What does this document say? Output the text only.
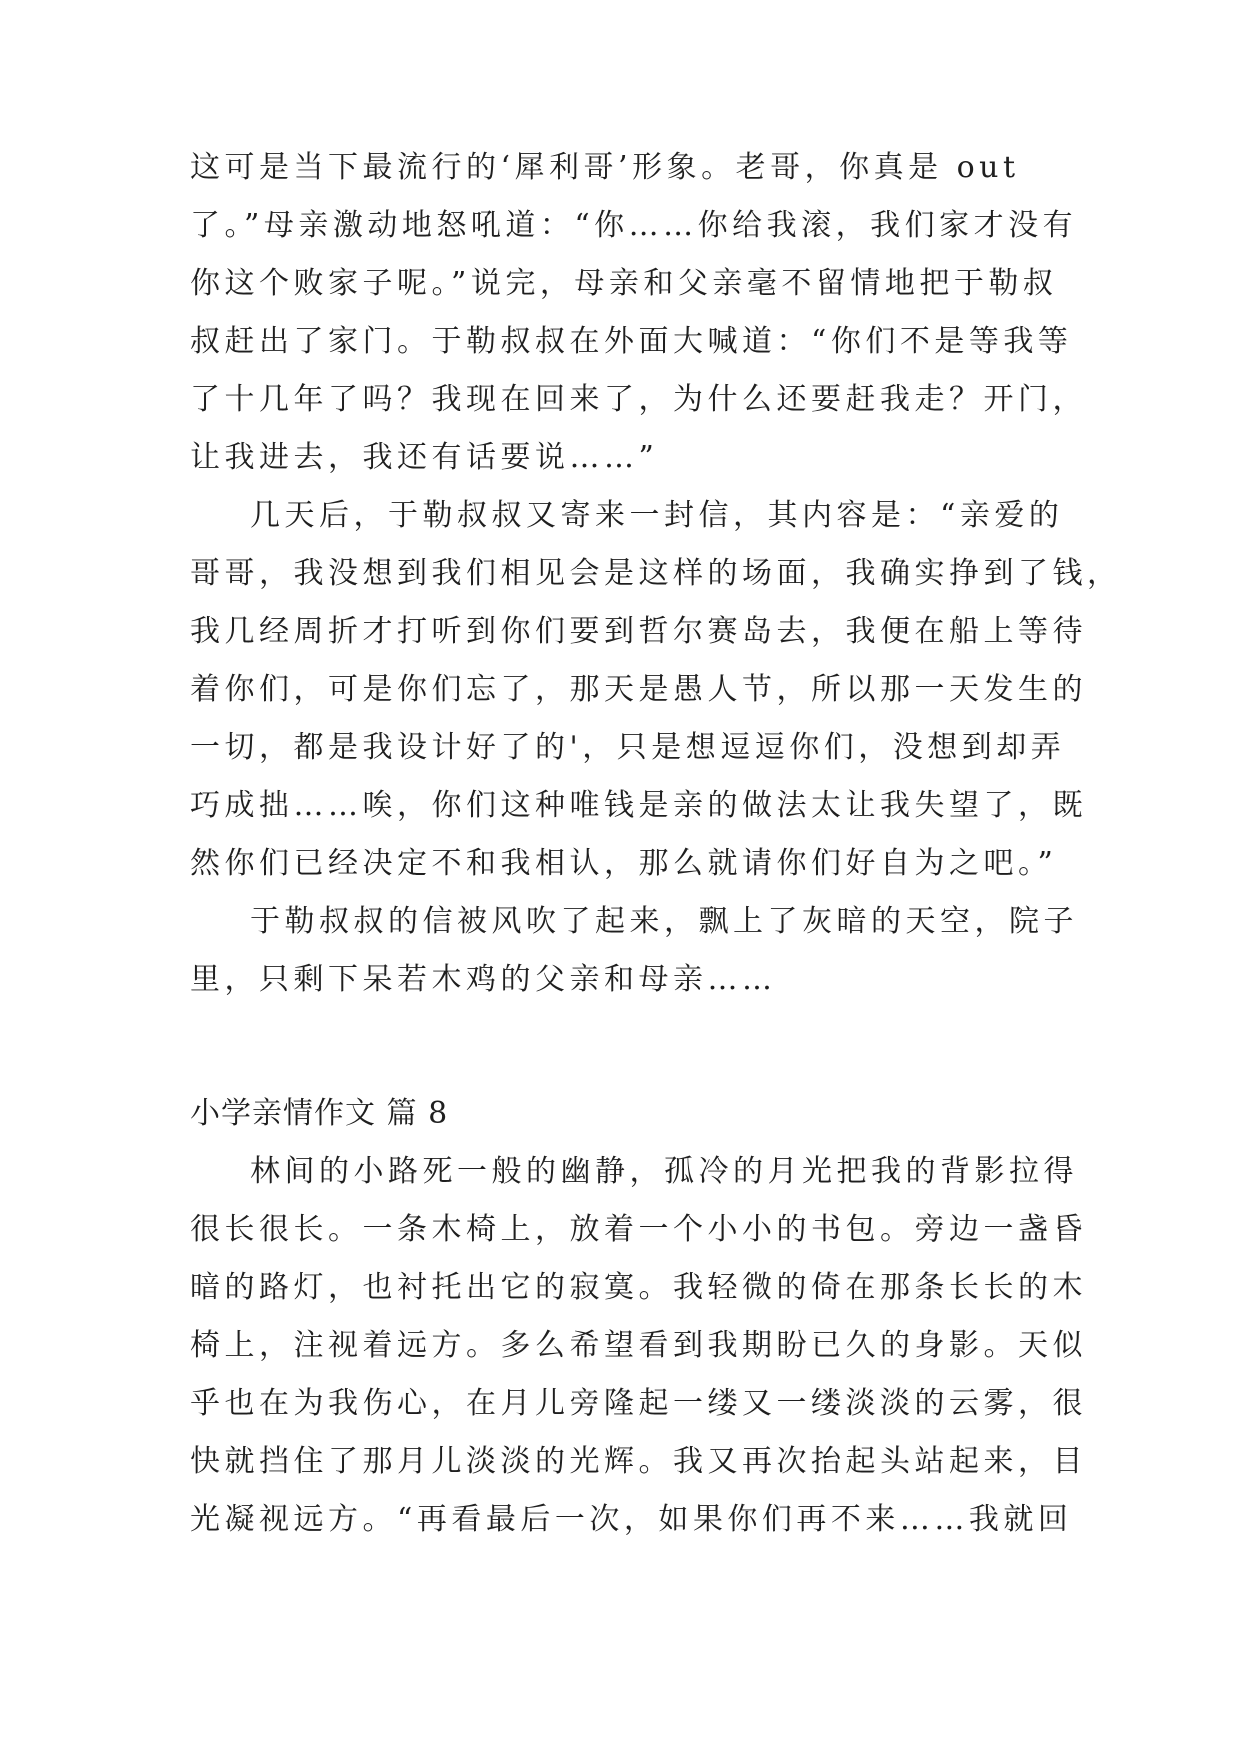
这可是当下最流行的‘犀利哥’形象。老哥，你真是 out
了。”母亲激动地怒吼道：“你……你给我滚，我们家才没有
你这个败家子呢。”说完，母亲和父亲毫不留情地把于勒叔
叔赶出了家门。于勒叔叔在外面大喊道：“你们不是等我等
了十几年了吗？我现在回来了，为什么还要赶我走？开门，
让我进去，我还有话要说……”
几天后，于勒叔叔又寄来一封信，其内容是：“亲爱的
哥哥，我没想到我们相见会是这样的场面，我确实挣到了钱，
我几经周折才打听到你们要到哲尔赛岛去，我便在船上等待
着你们，可是你们忘了，那天是愚人节，所以那一天发生的
一切，都是我设计好了的'，只是想逗逗你们，没想到却弄
巧成拙……唉，你们这种唯钱是亲的做法太让我失望了，既
然你们已经决定不和我相认，那么就请你们好自为之吧。”
于勒叔叔的信被风吹了起来，飘上了灰暗的天空，院子
里，只剩下呆若木鸡的父亲和母亲……
小学亲情作文 篇 8
林间的小路死一般的幽静，孤冷的月光把我的背影拉得
很长很长。一条木椅上，放着一个小小的书包。旁边一盏昏
暗的路灯，也衬托出它的寂寞。我轻微的倚在那条长长的木
椅上，注视着远方。多么希望看到我期盼已久的身影。天似
乎也在为我伤心，在月儿旁隆起一缕又一缕淡淡的云雾，很
快就挡住了那月儿淡淡的光辉。我又再次抬起头站起来，目
光凝视远方。“再看最后一次，如果你们再不来……我就回
